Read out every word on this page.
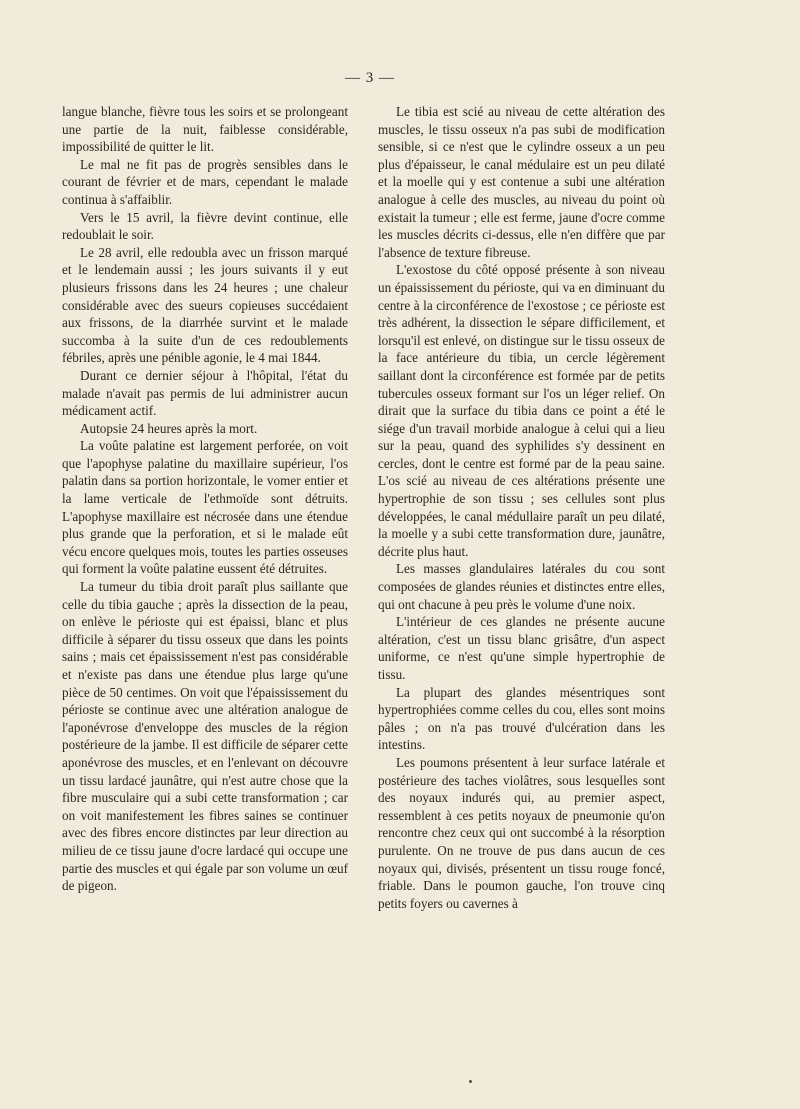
— 3 —

langue blanche, fièvre tous les soirs et se prolongeant une partie de la nuit, faiblesse considérable, impossibilité de quitter le lit.

Le mal ne fit pas de progrès sensibles dans le courant de février et de mars, cependant le malade continua à s'affaiblir.

Vers le 15 avril, la fièvre devint continue, elle redoublait le soir.

Le 28 avril, elle redoubla avec un frisson marqué et le lendemain aussi ; les jours suivants il y eut plusieurs frissons dans les 24 heures ; une chaleur considérable avec des sueurs copieuses succédaient aux frissons, de la diarrhée survint et le malade succomba à la suite d'un de ces redoublements fébriles, après une pénible agonie, le 4 mai 1844.

Durant ce dernier séjour à l'hôpital, l'état du malade n'avait pas permis de lui administrer aucun médicament actif.

Autopsie 24 heures après la mort.

La voûte palatine est largement perforée, on voit que l'apophyse palatine du maxillaire supérieur, l'os palatin dans sa portion horizontale, le vomer entier et la lame verticale de l'ethmoïde sont détruits. L'apophyse maxillaire est nécrosée dans une étendue plus grande que la perforation, et si le malade eût vécu encore quelques mois, toutes les parties osseuses qui forment la voûte palatine eussent été détruites.

La tumeur du tibia droit paraît plus saillante que celle du tibia gauche ; après la dissection de la peau, on enlève le périoste qui est épaissi, blanc et plus difficile à séparer du tissu osseux que dans les points sains ; mais cet épaississement n'est pas considérable et n'existe pas dans une étendue plus large qu'une pièce de 50 centimes. On voit que l'épaississement du périoste se continue avec une altération analogue de l'aponévrose d'enveloppe des muscles de la région postérieure de la jambe. Il est difficile de séparer cette aponévrose des muscles, et en l'enlevant on découvre un tissu lardacé jaunâtre, qui n'est autre chose que la fibre musculaire qui a subi cette transformation ; car on voit manifestement les fibres saines se continuer avec des fibres encore distinctes par leur direction au milieu de ce tissu jaune d'ocre lardacé qui occupe une partie des muscles et qui égale par son volume un œuf de pigeon.

Le tibia est scié au niveau de cette altération des muscles, le tissu osseux n'a pas subi de modification sensible, si ce n'est que le cylindre osseux a un peu plus d'épaisseur, le canal médulaire est un peu dilaté et la moelle qui y est contenue a subi une altération analogue à celle des muscles, au niveau du point où existait la tumeur ; elle est ferme, jaune d'ocre comme les muscles décrits ci-dessus, elle n'en diffère que par l'absence de texture fibreuse.

L'exostose du côté opposé présente à son niveau un épaississement du périoste, qui va en diminuant du centre à la circonférence de l'exostose ; ce périoste est très adhérent, la dissection le sépare difficilement, et lorsqu'il est enlevé, on distingue sur le tissu osseux de la face antérieure du tibia, un cercle légèrement saillant dont la circonférence est formée par de petits tubercules osseux formant sur l'os un léger relief. On dirait que la surface du tibia dans ce point a été le siége d'un travail morbide analogue à celui qui a lieu sur la peau, quand des syphilides s'y dessinent en cercles, dont le centre est formé par de la peau saine. L'os scié au niveau de ces altérations présente une hypertrophie de son tissu ; ses cellules sont plus développées, le canal médullaire paraît un peu dilaté, la moelle y a subi cette transformation dure, jaunâtre, décrite plus haut.

Les masses glandulaires latérales du cou sont composées de glandes réunies et distinctes entre elles, qui ont chacune à peu près le volume d'une noix.

L'intérieur de ces glandes ne présente aucune altération, c'est un tissu blanc grisâtre, d'un aspect uniforme, ce n'est qu'une simple hypertrophie de tissu.

La plupart des glandes mésentriques sont hypertrophiées comme celles du cou, elles sont moins pâles ; on n'a pas trouvé d'ulcération dans les intestins.

Les poumons présentent à leur surface latérale et postérieure des taches violâtres, sous lesquelles sont des noyaux indurés qui, au premier aspect, ressemblent à ces petits noyaux de pneumonie qu'on rencontre chez ceux qui ont succombé à la résorption purulente. On ne trouve de pus dans aucun de ces noyaux qui, divisés, présentent un tissu rouge foncé, friable. Dans le poumon gauche, l'on trouve cinq petits foyers ou cavernes à
